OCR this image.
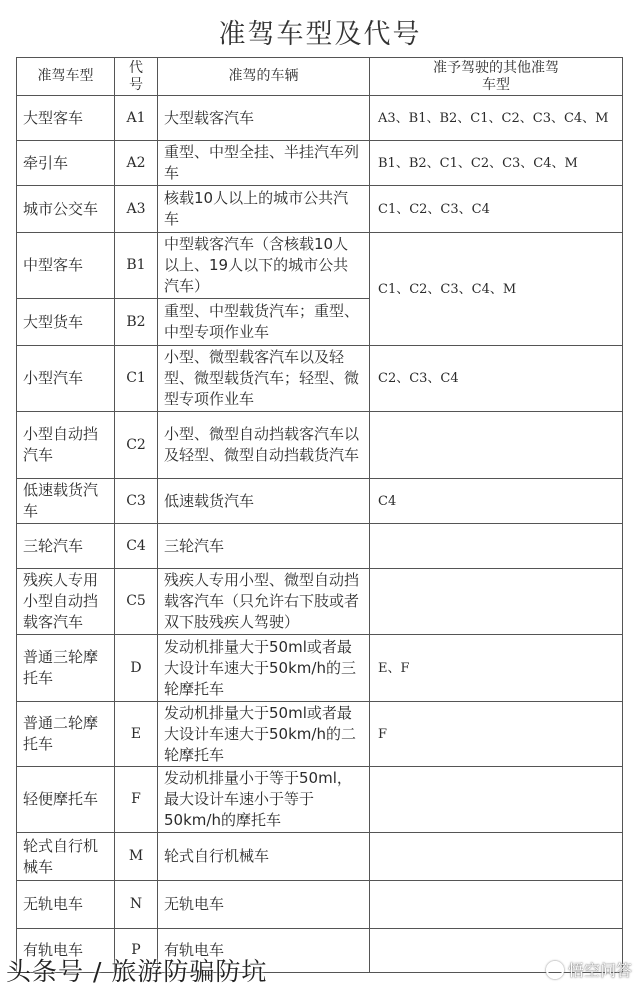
准驾车型及代号
准驾车型	代号	准驾的车辆	准予驾驶的其他准驾车型
大型客车	A1	大型载客汽车	A3、B1、B2、C1、C2、C3、C4、M
牵引车	A2	重型、中型全挂、半挂汽车列车	B1、B2、C1、C2、C3、C4、M
城市公交车	A3	核载10人以上的城市公共汽车	C1、C2、C3、C4
中型客车	B1	中型载客汽车（含核载10人以上、19人以下的城市公共汽车）	C1、C2、C3、C4、M
大型货车	B2	重型、中型载货汽车；重型、中型专项作业车	
小型汽车	C1	小型、微型载客汽车以及轻型、微型载货汽车；轻型、微型专项作业车	C2、C3、C4
小型自动挡汽车	C2	小型、微型自动挡载客汽车以及轻型、微型自动挡载货汽车	
低速载货汽车	C3	低速载货汽车	C4
三轮汽车	C4	三轮汽车	
残疾人专用小型自动挡载客汽车	C5	残疾人专用小型、微型自动挡载客汽车（只允许右下肢或者双下肢残疾人驾驶）	
普通三轮摩托车	D	发动机排量大于50ml或者最大设计车速大于50km/h的三轮摩托车	E、F
普通二轮摩托车	E	发动机排量大于50ml或者最大设计车速大于50km/h的二轮摩托车	F
轻便摩托车	F	发动机排量小于等于50ml，最大设计车速小于等于50km/h的摩托车	
轮式自行机械车	M	轮式自行机械车	
无轨电车	N	无轨电车	
有轨电车	P	有轨电车	
头条号 / 旅游防骗防坑	悟空问答
